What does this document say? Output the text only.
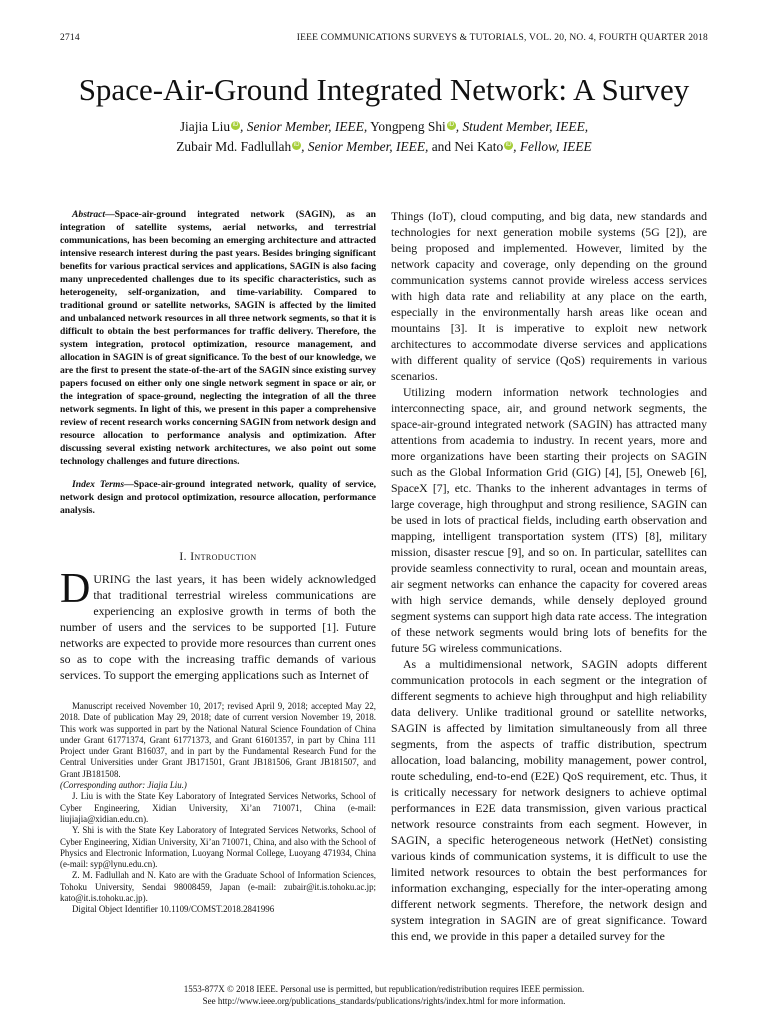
2714	IEEE COMMUNICATIONS SURVEYS & TUTORIALS, VOL. 20, NO. 4, FOURTH QUARTER 2018
Space-Air-Ground Integrated Network: A Survey
Jiajia Liu iD , Senior Member, IEEE, Yongpeng Shi iD , Student Member, IEEE,
Zubair Md. Fadlullah iD , Senior Member, IEEE, and Nei Kato iD , Fellow, IEEE

Abstract—Space-air-ground integrated network (SAGIN), as an integration of satellite systems, aerial networks, and terrestrial communications, has been becoming an emerging architecture and attracted intensive research interest during the past years. Besides bringing significant benefits for various practical services and applications, SAGIN is also facing many unprecedented challenges due to its specific characteristics, such as heterogeneity, self-organization, and time-variability. Compared to traditional ground or satellite networks, SAGIN is affected by the limited and unbalanced network resources in all three network segments, so that it is difficult to obtain the best performances for traffic delivery. Therefore, the system integration, protocol optimization, resource management, and allocation in SAGIN is of great significance. To the best of our knowledge, we are the first to present the state-of-the-art of the SAGIN since existing survey papers focused on either only one single network segment in space or air, or the integration of space-ground, neglecting the integration of all the three network segments. In light of this, we present in this paper a comprehensive review of recent research works concerning SAGIN from network design and resource allocation to performance analysis and optimization. After discussing several existing network architectures, we also point out some technology challenges and future directions.

Index Terms—Space-air-ground integrated network, quality of service, network design and protocol optimization, resource allocation, performance analysis.

I. Introduction

DURING the last years, it has been widely acknowledged that traditional terrestrial wireless communications are experiencing an explosive growth in terms of both the number of users and the services to be supported [1]. Future networks are expected to provide more resources than current ones so as to cope with the increasing traffic demands of various services. To support the emerging applications such as Internet of

Manuscript received November 10, 2017; revised April 9, 2018; accepted May 22, 2018. Date of publication May 29, 2018; date of current version November 19, 2018. This work was supported in part by the National Natural Science Foundation of China under Grant 61771374, Grant 61771373, and Grant 61601357, in part by China 111 Project under Grant B16037, and in part by the Fundamental Research Fund for the Central Universities under Grant JB171501, Grant JB181506, Grant JB181507, and Grant JB181508.

(Corresponding author: Jiajia Liu.)

J. Liu is with the State Key Laboratory of Integrated Services Networks, School of Cyber Engineering, Xidian University, Xi’an 710071, China (e-mail: liujiajia@xidian.edu.cn).

Y. Shi is with the State Key Laboratory of Integrated Services Networks, School of Cyber Engineering, Xidian University, Xi’an 710071, China, and also with the School of Physics and Electronic Information, Luoyang Normal College, Luoyang 471934, China (e-mail: syp@lynu.edu.cn).

Z. M. Fadlullah and N. Kato are with the Graduate School of Information Sciences, Tohoku University, Sendai 98008459, Japan (e-mail: zubair@it.is.tohoku.ac.jp; kato@it.is.tohoku.ac.jp).

Digital Object Identifier 10.1109/COMST.2018.2841996

Things (IoT), cloud computing, and big data, new standards and technologies for next generation mobile systems (5G [2]), are being proposed and implemented. However, limited by the network capacity and coverage, only depending on the ground communication systems cannot provide wireless access services with high data rate and reliability at any place on the earth, especially in the environmentally harsh areas like ocean and mountains [3]. It is imperative to exploit new network architectures to accommodate diverse services and applications with different quality of service (QoS) requirements in various scenarios.

Utilizing modern information network technologies and interconnecting space, air, and ground network segments, the space-air-ground integrated network (SAGIN) has attracted many attentions from academia to industry. In recent years, more and more organizations have been starting their projects on SAGIN such as the Global Information Grid (GIG) [4], [5], Oneweb [6], SpaceX [7], etc. Thanks to the inherent advantages in terms of large coverage, high throughput and strong resilience, SAGIN can be used in lots of practical fields, including earth observation and mapping, intelligent transportation system (ITS) [8], military mission, disaster rescue [9], and so on. In particular, satellites can provide seamless connectivity to rural, ocean and mountain areas, air segment networks can enhance the capacity for covered areas with high service demands, while densely deployed ground segment systems can support high data rate access. The integration of these network segments would bring lots of benefits for the future 5G wireless communications.

As a multidimensional network, SAGIN adopts different communication protocols in each segment or the integration of different segments to achieve high throughput and high reliability data delivery. Unlike traditional ground or satellite networks, SAGIN is affected by limitation simultaneously from all three segments, from the aspects of traffic distribution, spectrum allocation, load balancing, mobility management, power control, route scheduling, end-to-end (E2E) QoS requirement, etc. Thus, it is critically necessary for network designers to achieve optimal performances in E2E data transmission, given various practical network resource constraints from each segment. However, in SAGIN, a specific heterogeneous network (HetNet) consisting various kinds of communication systems, it is difficult to use the limited network resources to obtain the best performances for information exchanging, especially for the inter-operating among different network segments. Therefore, the network design and system integration in SAGIN are of great significance. Toward this end, we provide in this paper a detailed survey for the

1553-877X © 2018 IEEE. Personal use is permitted, but republication/redistribution requires IEEE permission.
See http://www.ieee.org/publications_standards/publications/rights/index.html for more information.
